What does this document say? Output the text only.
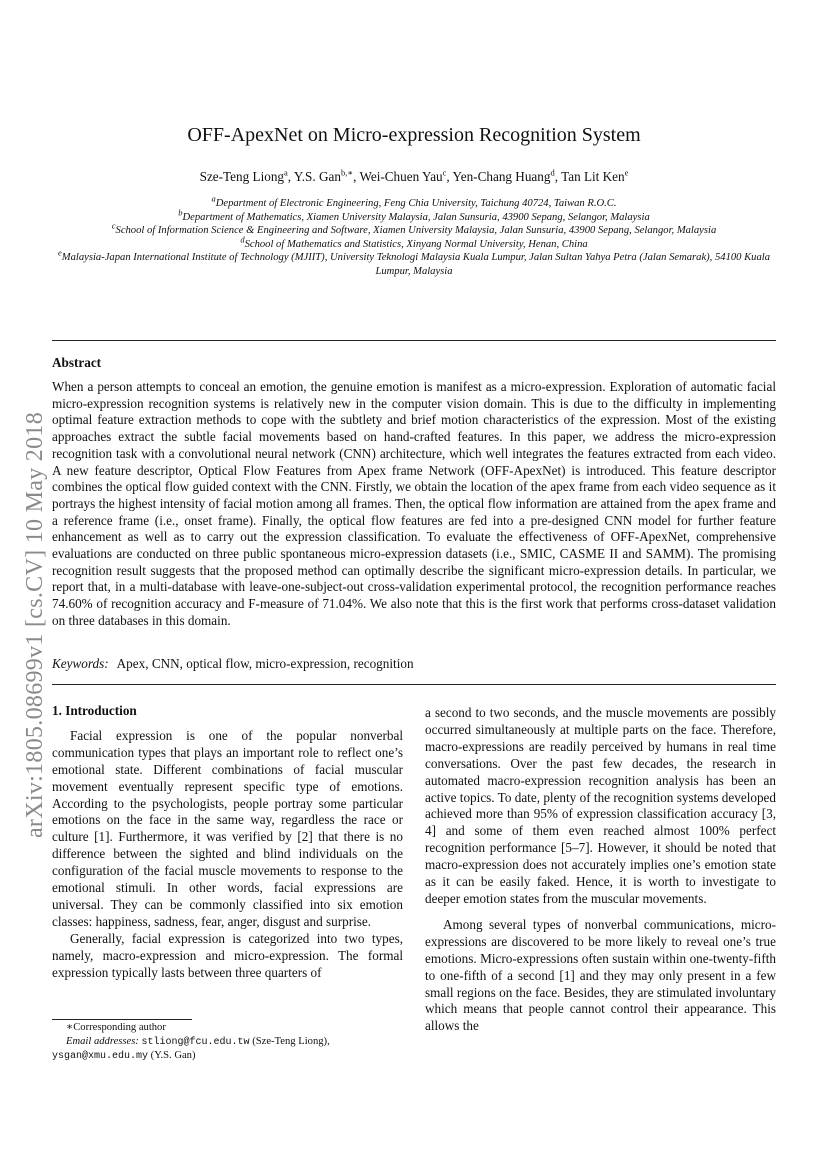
arXiv:1805.08699v1 [cs.CV] 10 May 2018
OFF-ApexNet on Micro-expression Recognition System
Sze-Teng Liong$^a$, Y.S. Gan$^{b,∗}$, Wei-Chuen Yau$^c$, Yen-Chang Huang$^d$, Tan Lit Ken$^e$

$^a$Department of Electronic Engineering, Feng Chia University, Taichung 40724, Taiwan R.O.C.

$^b$Department of Mathematics, Xiamen University Malaysia, Jalan Sunsuria, 43900 Sepang, Selangor, Malaysia

$^c$School of Information Science & Engineering and Software, Xiamen University Malaysia, Jalan Sunsuria, 43900 Sepang, Selangor, Malaysia

$^d$School of Mathematics and Statistics, Xinyang Normal University, Henan, China

$^e$Malaysia-Japan International Institute of Technology (MJIIT), University Teknologi Malaysia Kuala Lumpur, Jalan Sultan Yahya Petra (Jalan Semarak), 54100 Kuala Lumpur, Malaysia

Abstract

When a person attempts to conceal an emotion, the genuine emotion is manifest as a micro-expression. Exploration of automatic facial micro-expression recognition systems is relatively new in the computer vision domain. This is due to the difficulty in implementing optimal feature extraction methods to cope with the subtlety and brief motion characteristics of the expression. Most of the existing approaches extract the subtle facial movements based on hand-crafted features. In this paper, we address the micro-expression recognition task with a convolutional neural network (CNN) architecture, which well integrates the features extracted from each video. A new feature descriptor, Optical Flow Features from Apex frame Network (OFF-ApexNet) is introduced. This feature descriptor combines the optical flow guided context with the CNN. Firstly, we obtain the location of the apex frame from each video sequence as it portrays the highest intensity of facial motion among all frames. Then, the optical flow information are attained from the apex frame and a reference frame (i.e., onset frame). Finally, the optical flow features are fed into a pre-designed CNN model for further feature enhancement as well as to carry out the expression classification. To evaluate the effectiveness of OFF-ApexNet, comprehensive evaluations are conducted on three public spontaneous micro-expression datasets (i.e., SMIC, CASME II and SAMM). The promising recognition result suggests that the proposed method can optimally describe the significant micro-expression details. In particular, we report that, in a multi-database with leave-one-subject-out cross-validation experimental protocol, the recognition performance reaches 74.60% of recognition accuracy and F-measure of 71.04%. We also note that this is the first work that performs cross-dataset validation on three databases in this domain.

Keywords: Apex, CNN, optical flow, micro-expression, recognition
1. Introduction

Facial expression is one of the popular nonverbal communication types that plays an important role to reflect one’s emotional state. Different combinations of facial muscular movement eventually represent specific type of emotions. According to the psychologists, people portray some particular emotions on the face in the same way, regardless the race or culture [1]. Furthermore, it was verified by [2] that there is no difference between the sighted and blind individuals on the configuration of the facial muscle movements to response to the emotional stimuli. In other words, facial expressions are universal. They can be commonly classified into six emotion classes: happiness, sadness, fear, anger, disgust and surprise.

Generally, facial expression is categorized into two types, namely, macro-expression and micro-expression. The formal expression typically lasts between three quarters of

a second to two seconds, and the muscle movements are possibly occurred simultaneously at multiple parts on the face. Therefore, macro-expressions are readily perceived by humans in real time conversations. Over the past few decades, the research in automated macro-expression recognition analysis has been an active topics. To date, plenty of the recognition systems developed achieved more than 95% of expression classification accuracy [3, 4] and some of them even reached almost 100% perfect recognition performance [5–7]. However, it should be noted that macro-expression does not accurately implies one’s emotion state as it can be easily faked. Hence, it is worth to investigate to deeper emotion states from the muscular movements.

Among several types of nonverbal communications, micro-expressions are discovered to be more likely to reveal one’s true emotions. Micro-expressions often sustain within one-twenty-fifth to one-fifth of a second [1] and they may only present in a few small regions on the face. Besides, they are stimulated involuntary which means that people cannot control their appearance. This allows the

∗Corresponding author

Email addresses: stliong@fcu.edu.tw (Sze-Teng Liong),

ysgan@xmu.edu.my (Y.S. Gan)
